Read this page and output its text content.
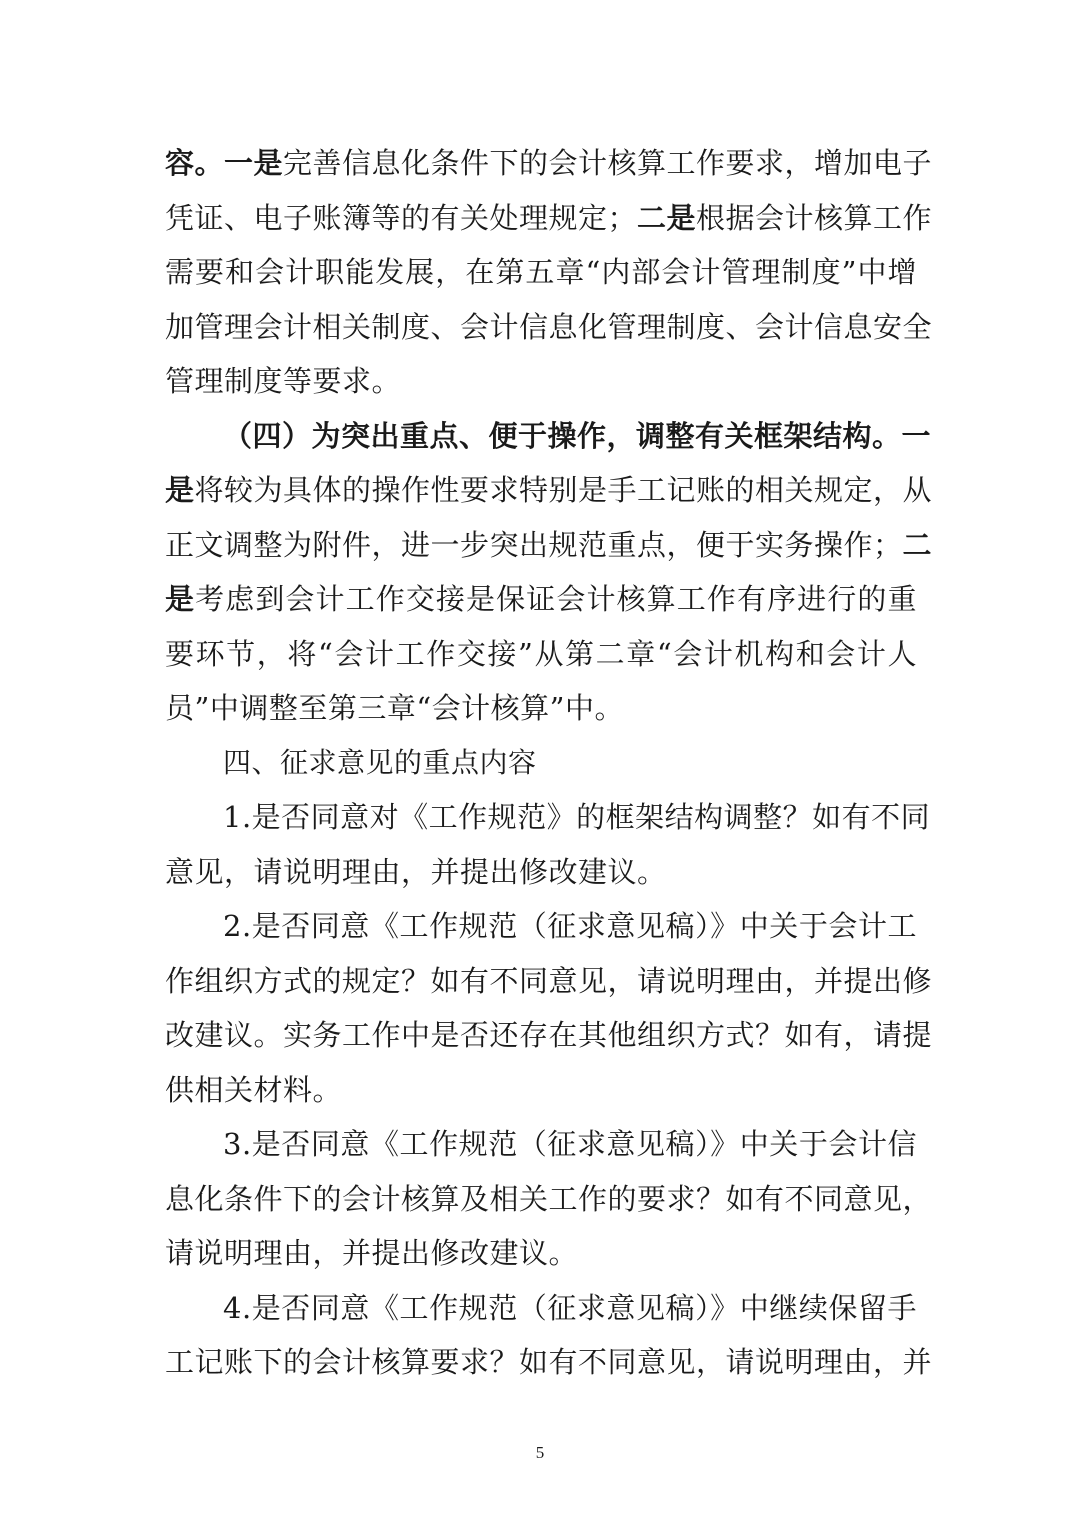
容。一是完善信息化条件下的会计核算工作要求，增加电子
凭证、电子账簿等的有关处理规定；二是根据会计核算工作
需要和会计职能发展，在第五章“内部会计管理制度”中增
加管理会计相关制度、会计信息化管理制度、会计信息安全
管理制度等要求。
（四）为突出重点、便于操作，调整有关框架结构。一
是将较为具体的操作性要求特别是手工记账的相关规定，从
正文调整为附件，进一步突出规范重点，便于实务操作；二
是考虑到会计工作交接是保证会计核算工作有序进行的重
要环节，将“会计工作交接”从第二章“会计机构和会计人
员”中调整至第三章“会计核算”中。
四、征求意见的重点内容
1.是否同意对《工作规范》的框架结构调整？如有不同
意见，请说明理由，并提出修改建议。
2.是否同意《工作规范（征求意见稿）》中关于会计工
作组织方式的规定？如有不同意见，请说明理由，并提出修
改建议。实务工作中是否还存在其他组织方式？如有，请提
供相关材料。
3.是否同意《工作规范（征求意见稿）》中关于会计信
息化条件下的会计核算及相关工作的要求？如有不同意见，
请说明理由，并提出修改建议。
4.是否同意《工作规范（征求意见稿）》中继续保留手
工记账下的会计核算要求？如有不同意见，请说明理由，并
5
